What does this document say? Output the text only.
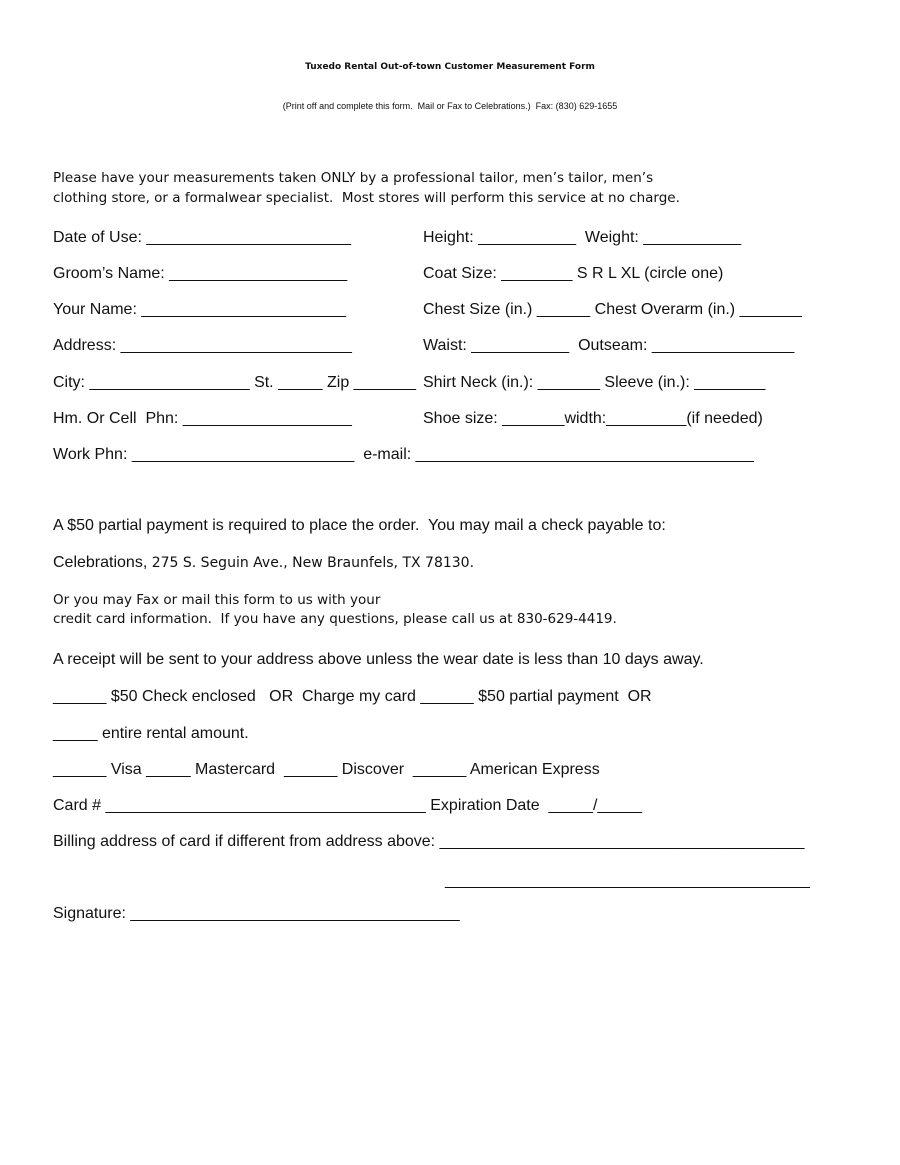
Tuxedo Rental Out-of-town Customer Measurement Form
(Print off and complete this form.  Mail or Fax to Celebrations.)  Fax: (830) 629-1655
Please have your measurements taken ONLY by a professional tailor, men’s tailor, men’s
clothing store, or a formalwear specialist.  Most stores will perform this service at no charge.
Date of Use: _______________________
Groom’s Name: ____________________
Your Name: _______________________
Address: __________________________
City: __________________ St. _____ Zip _______
Hm. Or Cell  Phn: ___________________
Work Phn: _________________________  e-mail: ______________________________________
Height: ___________  Weight: ___________
Coat Size: ________ S R L XL (circle one)
Chest Size (in.) ______ Chest Overarm (in.) _______
Waist: ___________  Outseam: ________________
Shirt Neck (in.): _______ Sleeve (in.): ________
Shoe size: _______width:_________(if needed)
A $50 partial payment is required to place the order.  You may mail a check payable to:
Celebrations, 275 S. Seguin Ave., New Braunfels, TX 78130.
Or you may Fax or mail this form to us with your
credit card information.  If you have any questions, please call us at 830-629-4419.
A receipt will be sent to your address above unless the wear date is less than 10 days away.
______ $50 Check enclosed   OR  Charge my card ______ $50 partial payment  OR
_____ entire rental amount.
______ Visa _____ Mastercard  ______ Discover  ______ American Express
Card # ____________________________________ Expiration Date  _____/_____
Billing address of card if different from address above: _________________________________________
_________________________________________
Signature: _____________________________________
